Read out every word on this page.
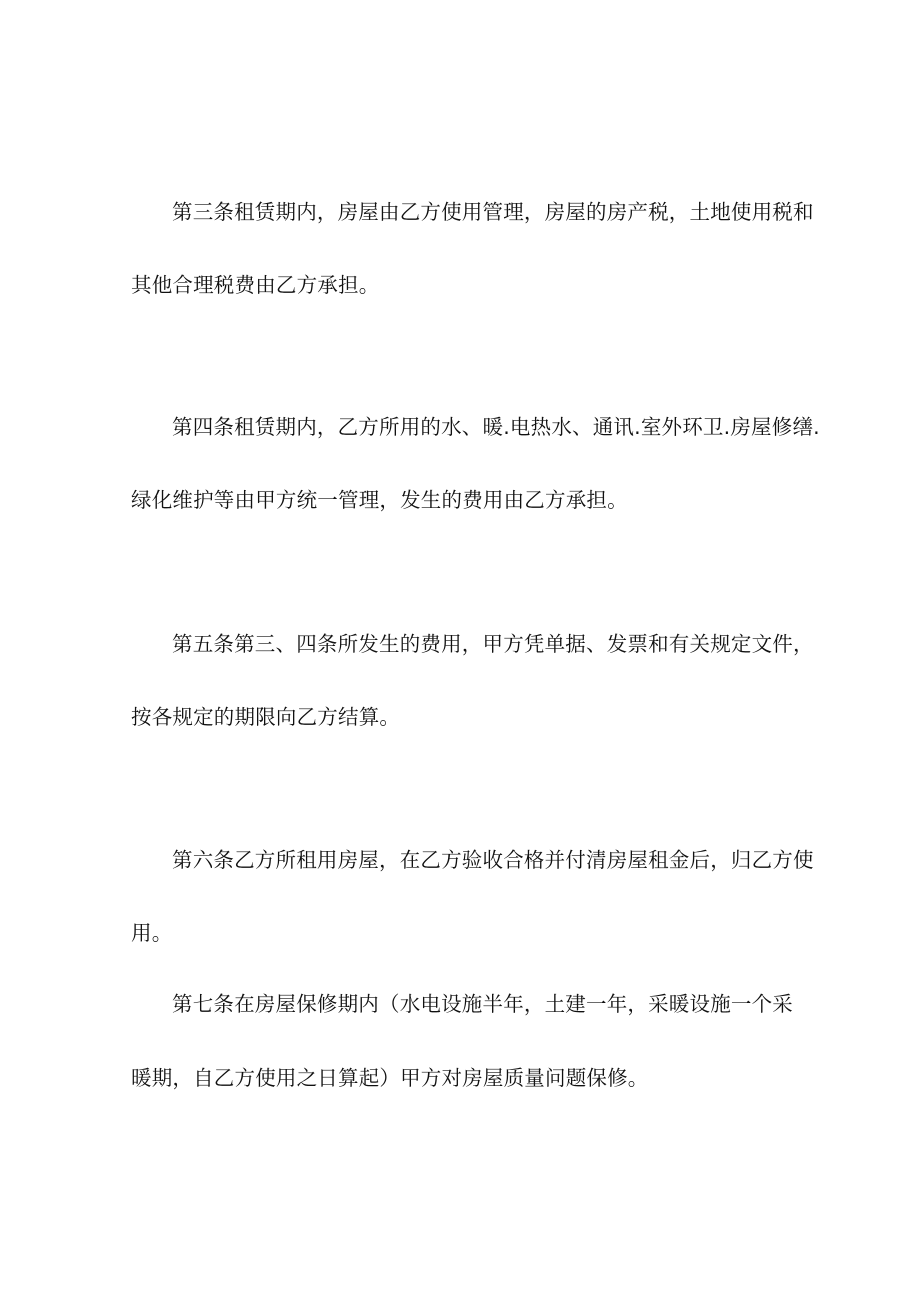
第三条租赁期内，房屋由乙方使用管理，房屋的房产税，土地使用税和
其他合理税费由乙方承担。
第四条租赁期内，乙方所用的水、暖.电热水、通讯.室外环卫.房屋修缮.
绿化维护等由甲方统一管理，发生的费用由乙方承担。
第五条第三、四条所发生的费用，甲方凭单据、发票和有关规定文件，
按各规定的期限向乙方结算。
第六条乙方所租用房屋，在乙方验收合格并付清房屋租金后，归乙方使
用。
第七条在房屋保修期内（水电设施半年，土建一年，采暖设施一个采
暖期，自乙方使用之日算起）甲方对房屋质量问题保修。
